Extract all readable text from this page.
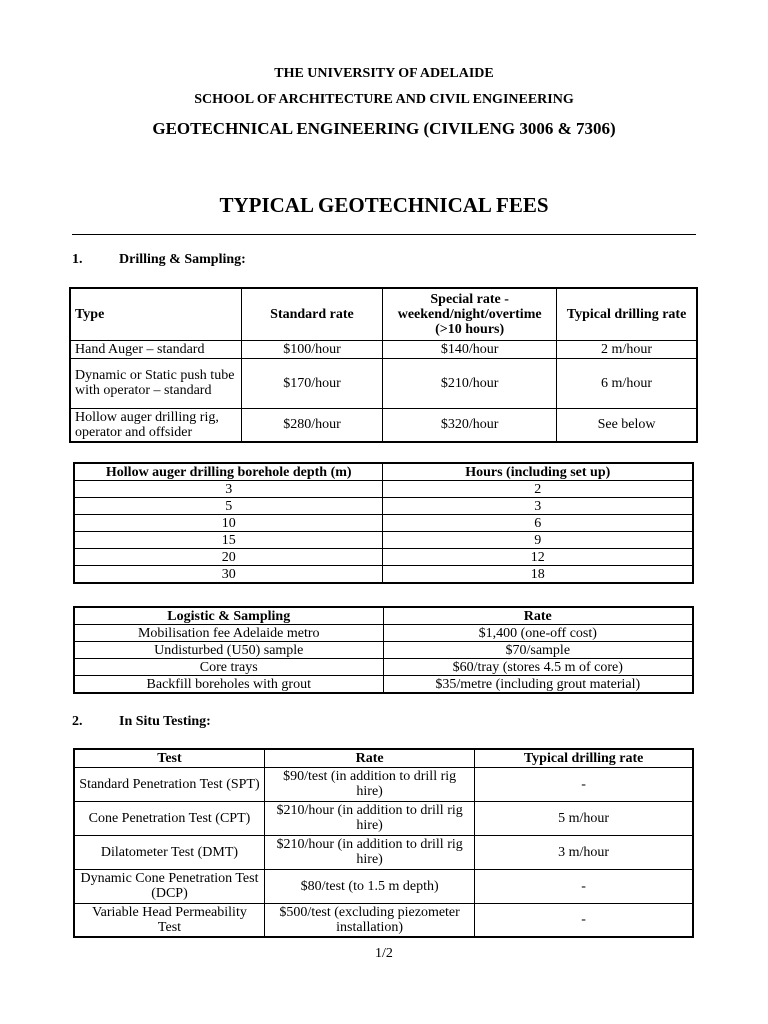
THE UNIVERSITY OF ADELAIDE
SCHOOL OF ARCHITECTURE AND CIVIL ENGINEERING
GEOTECHNICAL ENGINEERING (CIVILENG 3006 & 7306)
TYPICAL GEOTECHNICAL FEES
1.	Drilling & Sampling:
Type	Standard rate	Special rate - weekend/night/overtime (>10 hours)	Typical drilling rate
Hand Auger – standard	$100/hour	$140/hour	2 m/hour
Dynamic or Static push tube with operator – standard	$170/hour	$210/hour	6 m/hour
Hollow auger drilling rig, operator and offsider	$280/hour	$320/hour	See below
Hollow auger drilling borehole depth (m)	Hours (including set up)
3	2
5	3
10	6
15	9
20	12
30	18
Logistic & Sampling	Rate
Mobilisation fee Adelaide metro	$1,400 (one-off cost)
Undisturbed (U50) sample	$70/sample
Core trays	$60/tray (stores 4.5 m of core)
Backfill boreholes with grout	$35/metre (including grout material)
2.	In Situ Testing:
Test	Rate	Typical drilling rate
Standard Penetration Test (SPT)	$90/test (in addition to drill rig hire)	-
Cone Penetration Test (CPT)	$210/hour (in addition to drill rig hire)	5 m/hour
Dilatometer Test (DMT)	$210/hour (in addition to drill rig hire)	3 m/hour
Dynamic Cone Penetration Test (DCP)	$80/test (to 1.5 m depth)	-
Variable Head Permeability Test	$500/test (excluding piezometer installation)	-
1/2
